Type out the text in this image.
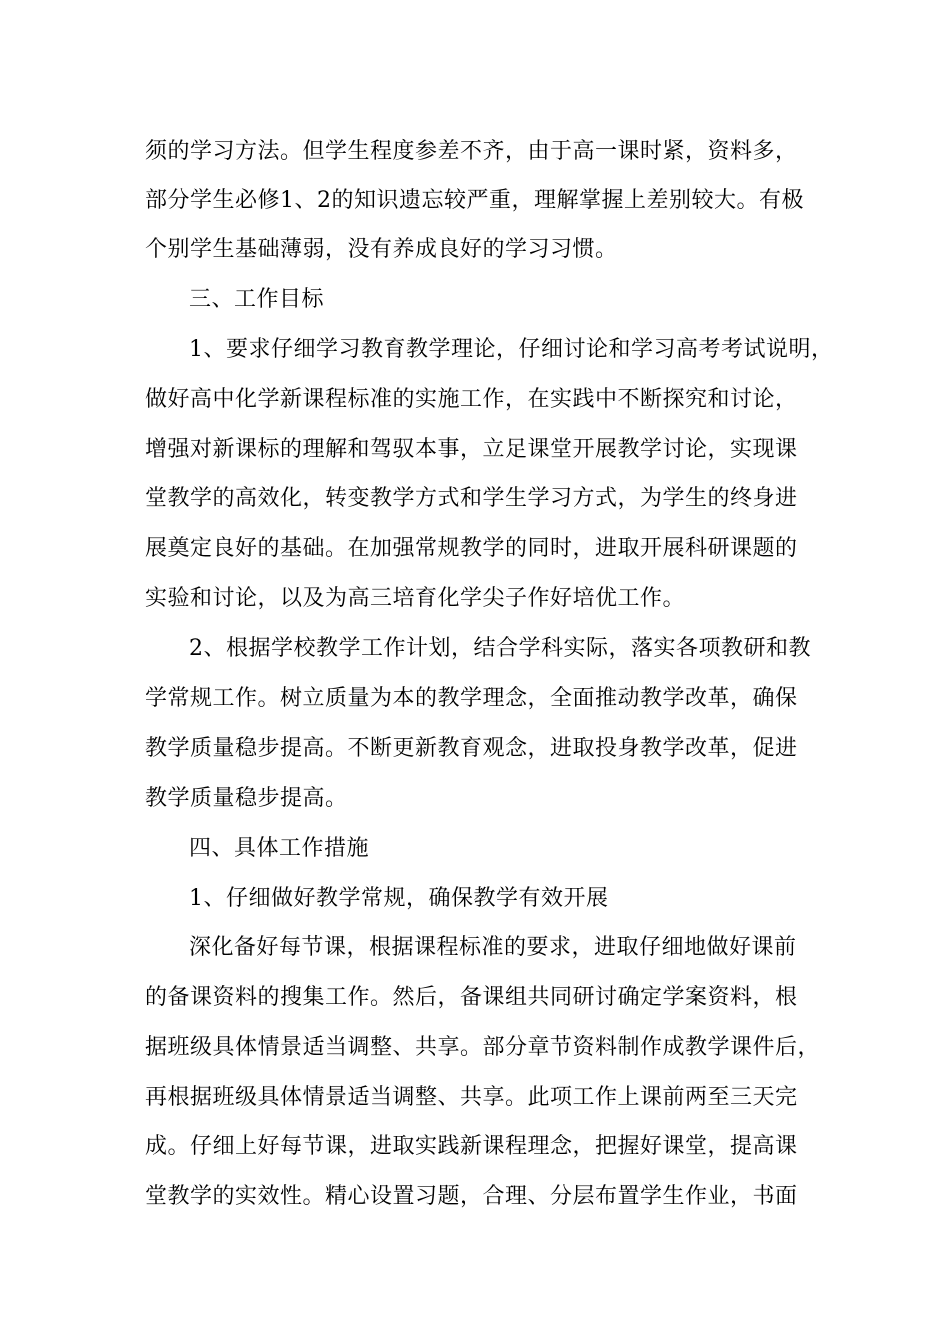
须的学习方法。但学生程度参差不齐，由于高一课时紧，资料多，
部分学生必修1、2的知识遗忘较严重，理解掌握上差别较大。有极
个别学生基础薄弱，没有养成良好的学习习惯。
三、工作目标
1、要求仔细学习教育教学理论，仔细讨论和学习高考考试说明，
做好高中化学新课程标准的实施工作，在实践中不断探究和讨论，
增强对新课标的理解和驾驭本事，立足课堂开展教学讨论，实现课
堂教学的高效化，转变教学方式和学生学习方式，为学生的终身进
展奠定良好的基础。在加强常规教学的同时，进取开展科研课题的
实验和讨论，以及为高三培育化学尖子作好培优工作。
2、根据学校教学工作计划，结合学科实际，落实各项教研和教
学常规工作。树立质量为本的教学理念，全面推动教学改革，确保
教学质量稳步提高。不断更新教育观念，进取投身教学改革，促进
教学质量稳步提高。
四、具体工作措施
1、仔细做好教学常规，确保教学有效开展
深化备好每节课，根据课程标准的要求，进取仔细地做好课前
的备课资料的搜集工作。然后，备课组共同研讨确定学案资料，根
据班级具体情景适当调整、共享。部分章节资料制作成教学课件后，
再根据班级具体情景适当调整、共享。此项工作上课前两至三天完
成。仔细上好每节课，进取实践新课程理念，把握好课堂，提高课
堂教学的实效性。精心设置习题，合理、分层布置学生作业，书面
